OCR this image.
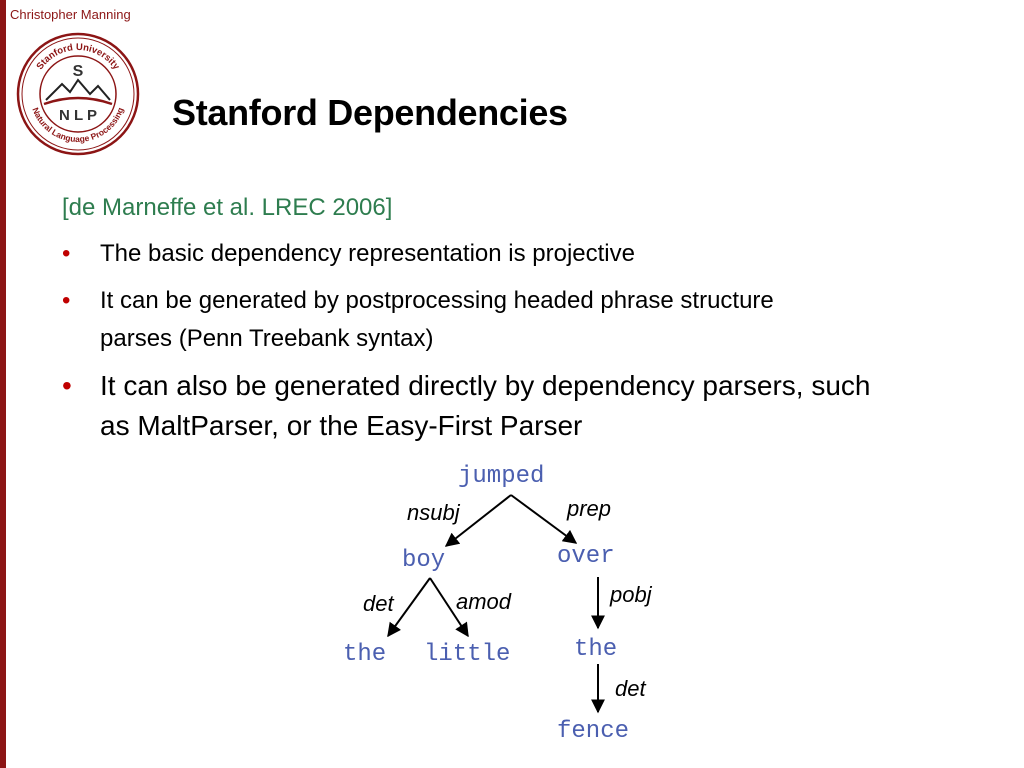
Christopher Manning
Stanford University
Natural Language Processing
S
N L P Stanford Dependencies
[de Marneffe et al. LREC 2006]
• The basic dependency representation is projective
• It can be generated by postprocessing headed phrase structure
parses (Penn Treebank syntax)
• It can also be generated directly by dependency parsers, such
as MaltParser, or the Easy-First Parser
jumped
boy	over
the little	the
fence
nsubj	prep
det	amod	pobj
det
